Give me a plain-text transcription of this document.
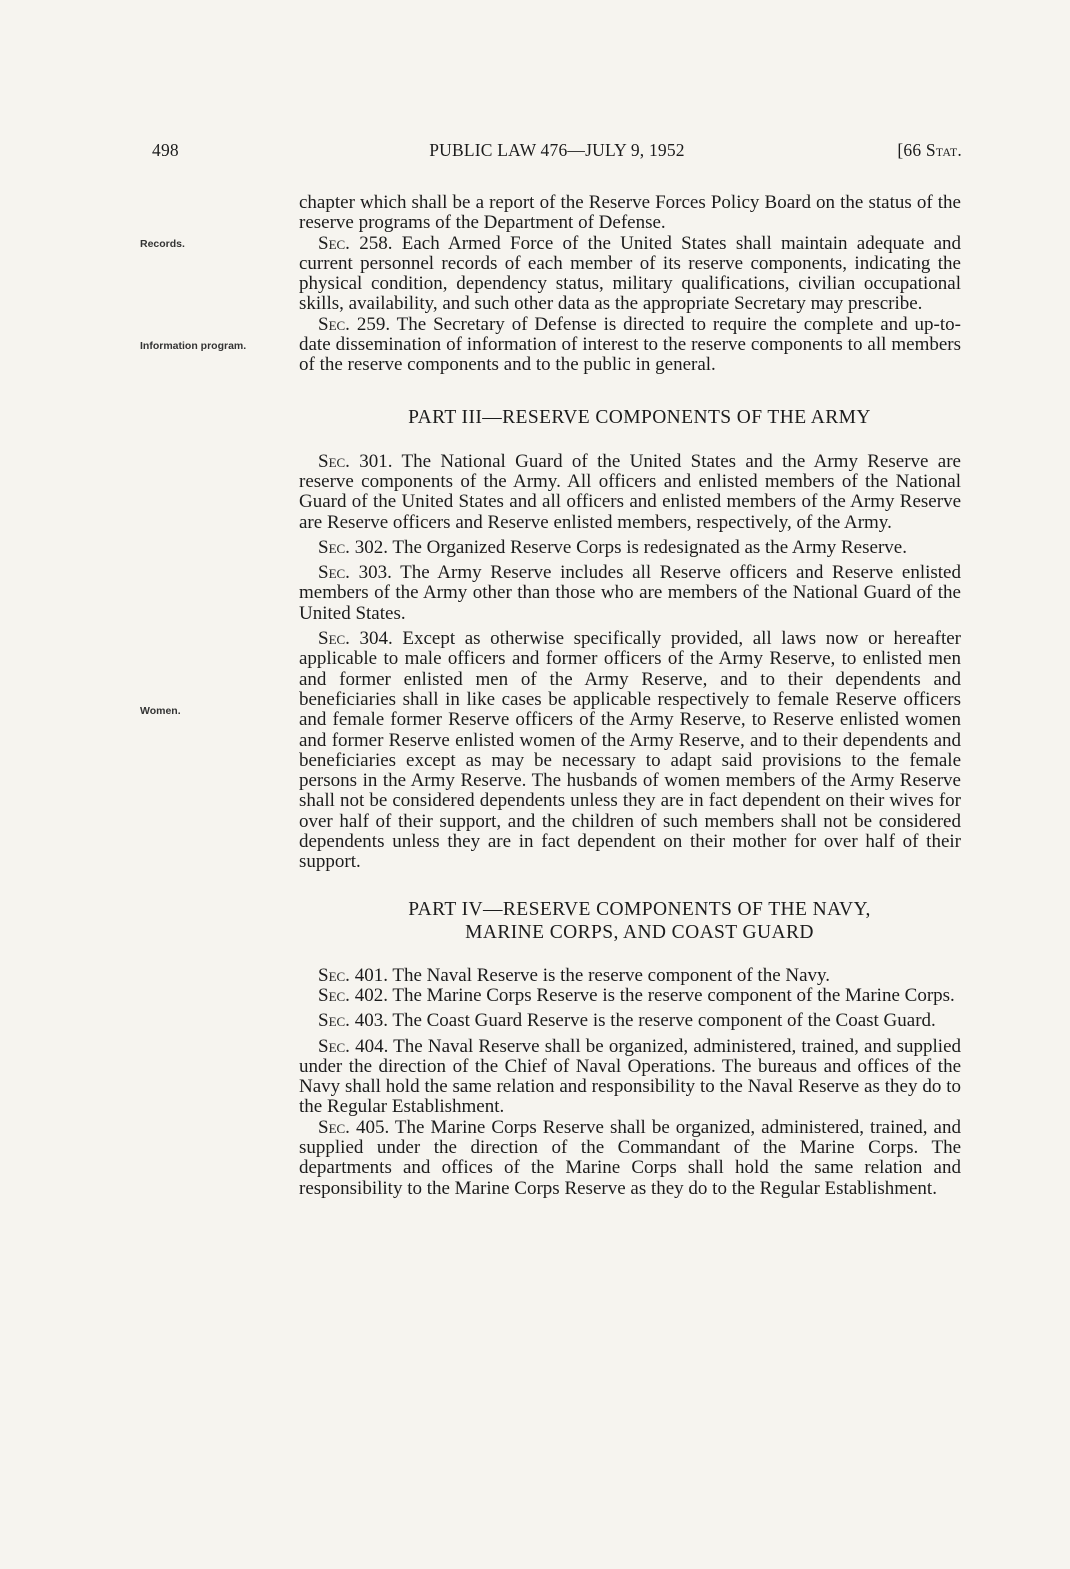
498	PUBLIC LAW 476—JULY 9, 1952	[66 Stat.
Records.
Information program.
Women.

chapter which shall be a report of the Reserve Forces Policy Board on the status of the reserve programs of the Department of Defense.

Sec. 258. Each Armed Force of the United States shall maintain adequate and current personnel records of each member of its reserve components, indicating the physical condition, dependency status, military qualifications, civilian occupational skills, availability, and such other data as the appropriate Secretary may prescribe.

Sec. 259. The Secretary of Defense is directed to require the complete and up-to-date dissemination of information of interest to the reserve components to all members of the reserve components and to the public in general.

PART III—RESERVE COMPONENTS OF THE ARMY

Sec. 301. The National Guard of the United States and the Army Reserve are reserve components of the Army. All officers and enlisted members of the National Guard of the United States and all officers and enlisted members of the Army Reserve are Reserve officers and Reserve enlisted members, respectively, of the Army.

Sec. 302. The Organized Reserve Corps is redesignated as the Army Reserve.

Sec. 303. The Army Reserve includes all Reserve officers and Reserve enlisted members of the Army other than those who are members of the National Guard of the United States.

Sec. 304. Except as otherwise specifically provided, all laws now or hereafter applicable to male officers and former officers of the Army Reserve, to enlisted men and former enlisted men of the Army Reserve, and to their dependents and beneficiaries shall in like cases be applicable respectively to female Reserve officers and female former Reserve officers of the Army Reserve, to Reserve enlisted women and former Reserve enlisted women of the Army Reserve, and to their dependents and beneficiaries except as may be necessary to adapt said provisions to the female persons in the Army Reserve. The husbands of women members of the Army Reserve shall not be considered dependents unless they are in fact dependent on their wives for over half of their support, and the children of such members shall not be considered dependents unless they are in fact dependent on their mother for over half of their support.

PART IV—RESERVE COMPONENTS OF THE NAVY,

MARINE CORPS, AND COAST GUARD

Sec. 401. The Naval Reserve is the reserve component of the Navy.

Sec. 402. The Marine Corps Reserve is the reserve component of the Marine Corps.

Sec. 403. The Coast Guard Reserve is the reserve component of the Coast Guard.

Sec. 404. The Naval Reserve shall be organized, administered, trained, and supplied under the direction of the Chief of Naval Operations. The bureaus and offices of the Navy shall hold the same relation and responsibility to the Naval Reserve as they do to the Regular Establishment.

Sec. 405. The Marine Corps Reserve shall be organized, administered, trained, and supplied under the direction of the Commandant of the Marine Corps. The departments and offices of the Marine Corps shall hold the same relation and responsibility to the Marine Corps Reserve as they do to the Regular Establishment.
